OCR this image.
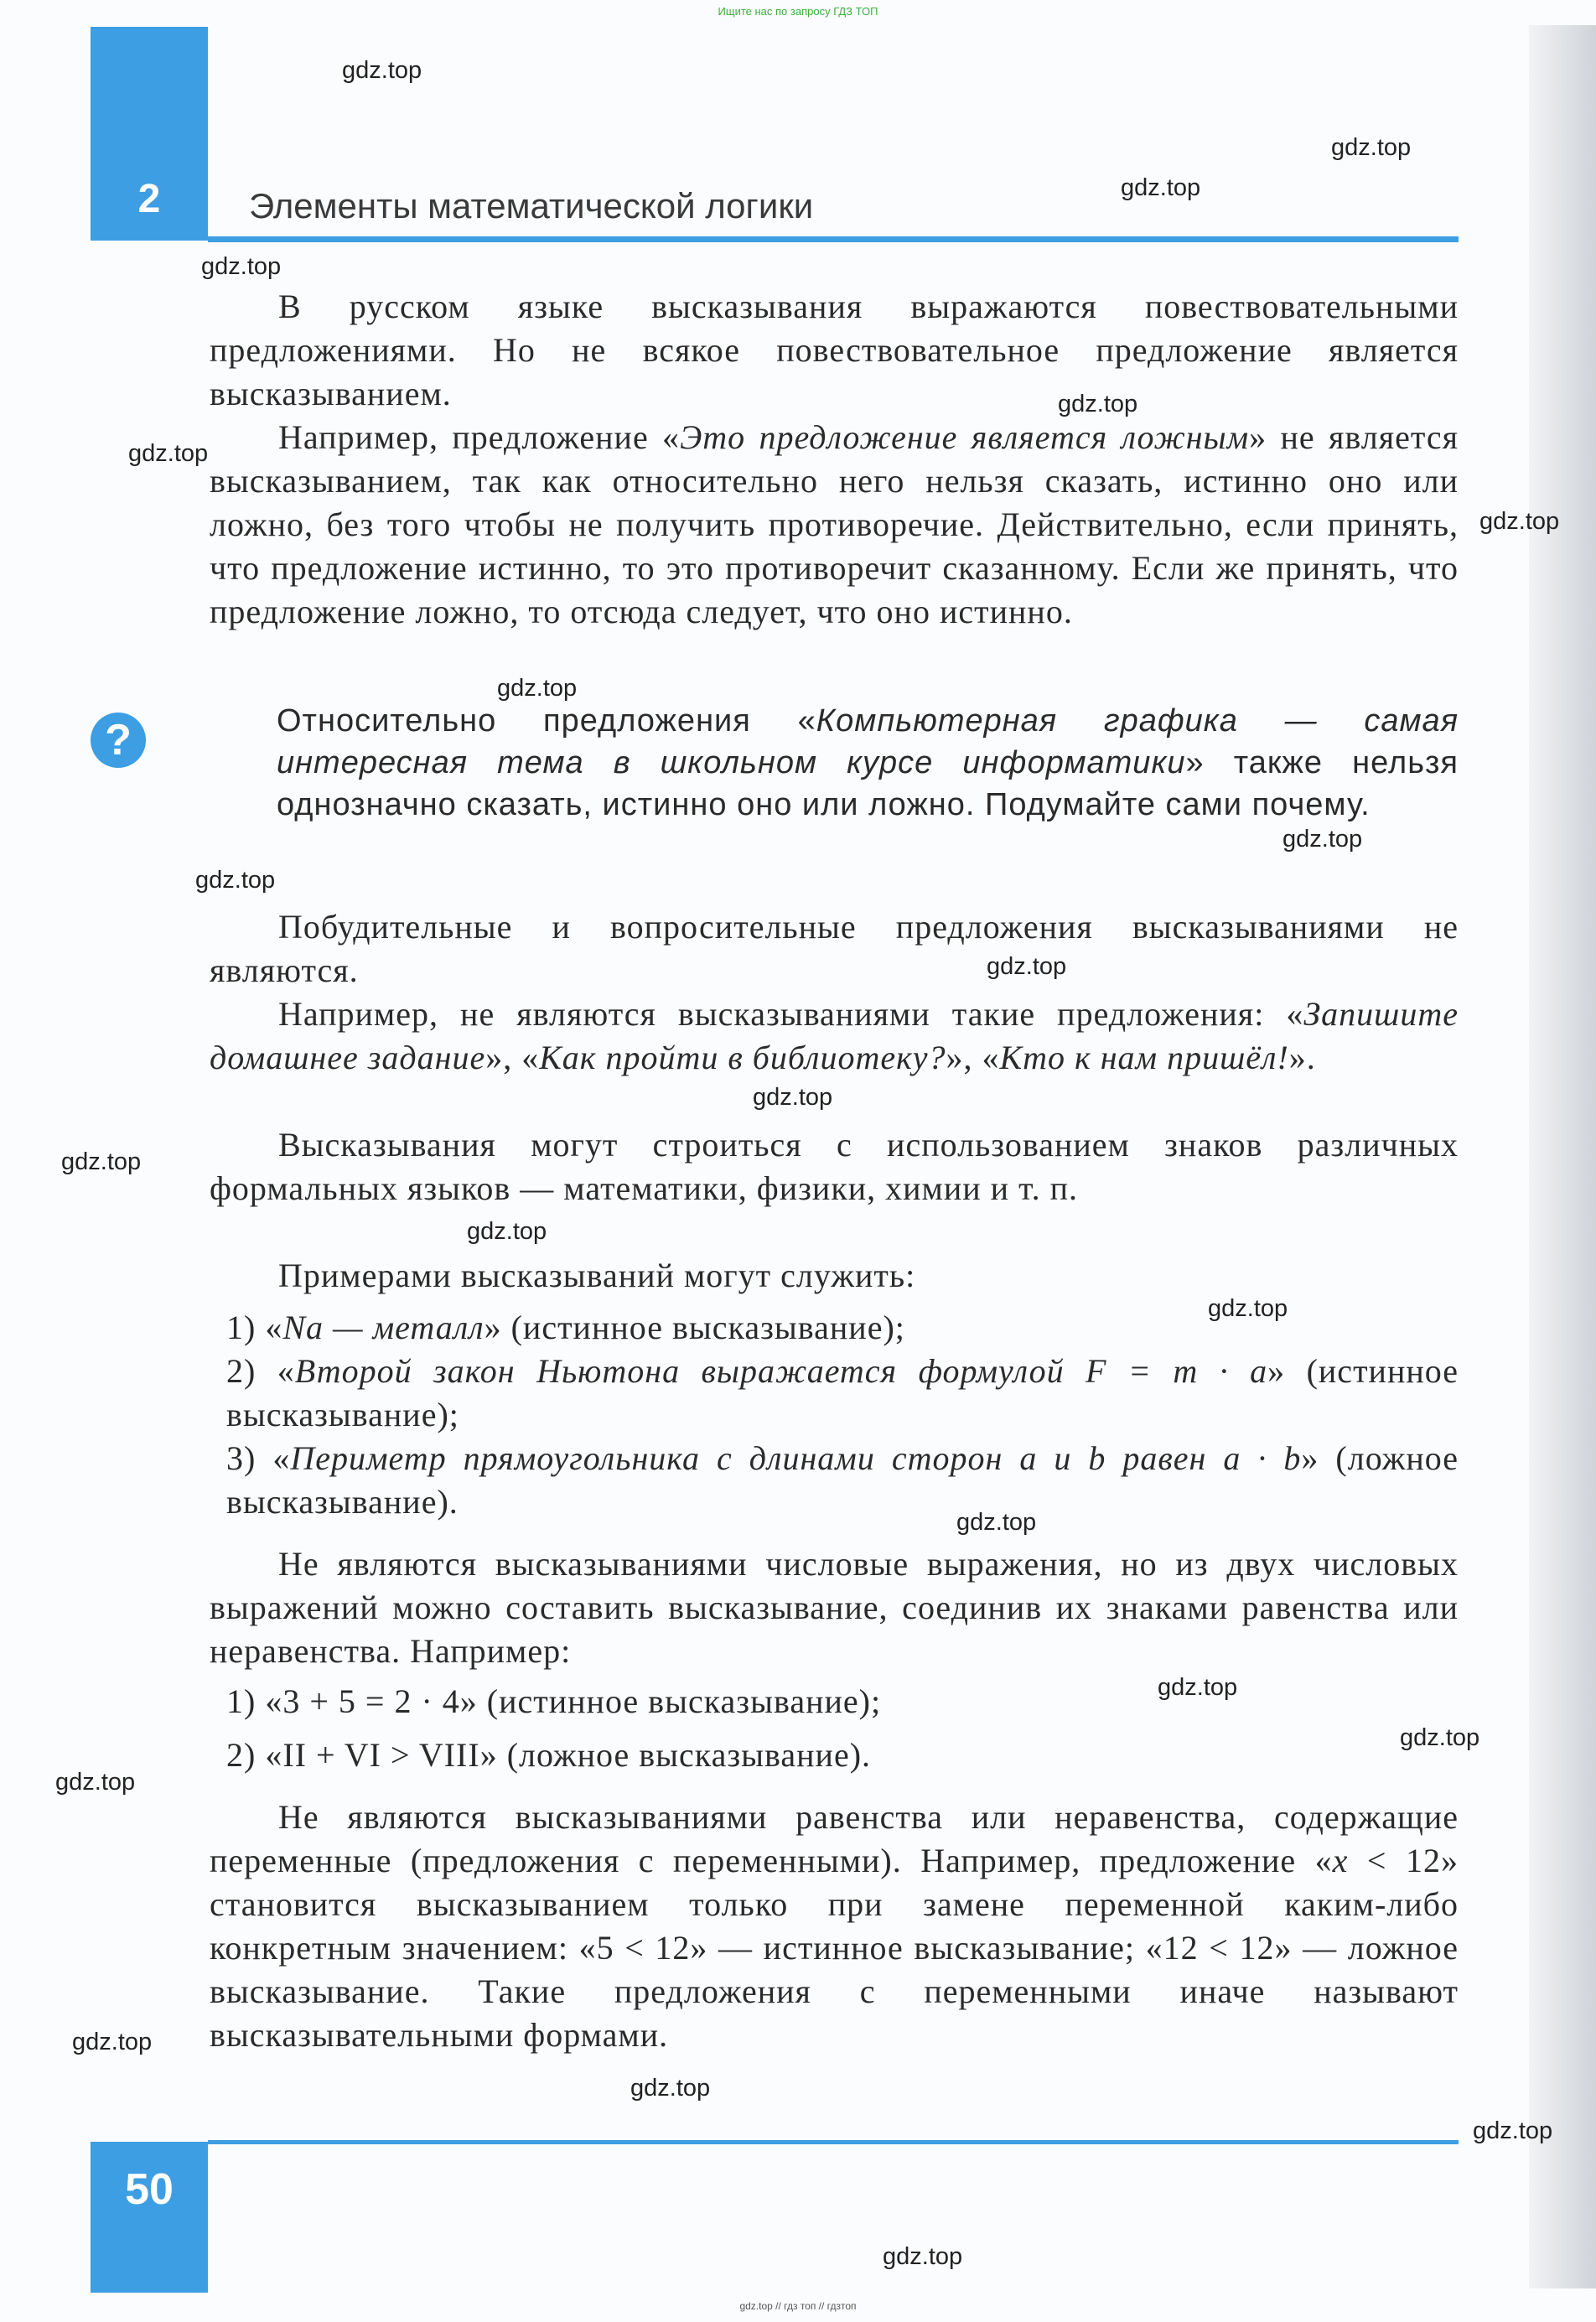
Ищите нас по запросу ГДЗ ТОП
2	Элементы математической логики
В русском языке высказывания выражаются повествовательными предложениями. Но не всякое повествовательное предложение является высказыванием.
Например, предложение «Это предложение является ложным» не является высказыванием, так как относительно него нельзя сказать, истинно оно или ложно, без того чтобы не получить противоречие. Действительно, если принять, что предложение истинно, то это противоречит сказанному. Если же принять, что предложение ложно, то отсюда следует, что оно истинно.
?	Относительно предложения «Компьютерная графика — самая интересная тема в школьном курсе информатики» также нельзя однозначно сказать, истинно оно или ложно. Подумайте сами почему.
Побудительные и вопросительные предложения высказываниями не являются.
Например, не являются высказываниями такие предложения: «Запишите домашнее задание», «Как пройти в библиотеку?», «Кто к нам пришёл!».
Высказывания могут строиться с использованием знаков различных формальных языков — математики, физики, химии и т. п.
Примерами высказываний могут служить:
1) «Na — металл» (истинное высказывание);
2) «Второй закон Ньютона выражается формулой F = m · a» (истинное высказывание);
3) «Периметр прямоугольника с длинами сторон a и b равен a · b» (ложное высказывание).
Не являются высказываниями числовые выражения, но из двух числовых выражений можно составить высказывание, соединив их знаками равенства или неравенства. Например:
1) «3 + 5 = 2 · 4» (истинное высказывание);
2) «II + VI > VIII» (ложное высказывание).
Не являются высказываниями равенства или неравенства, содержащие переменные (предложения с переменными). Например, предложение «x < 12» становится высказыванием только при замене переменной каким-либо конкретным значением: «5 < 12» — истинное высказывание; «12 < 12» — ложное высказывание. Такие предложения с переменными иначе называют высказывательными формами.
50
gdz.top // гдз топ // гдзтоп
gdz.top
gdz.top
gdz.top
gdz.top
gdz.top
gdz.top
gdz.top
gdz.top
gdz.top
gdz.top
gdz.top
gdz.top
gdz.top
gdz.top
gdz.top
gdz.top
gdz.top
gdz.top
gdz.top
gdz.top
gdz.top
gdz.top
gdz.top
